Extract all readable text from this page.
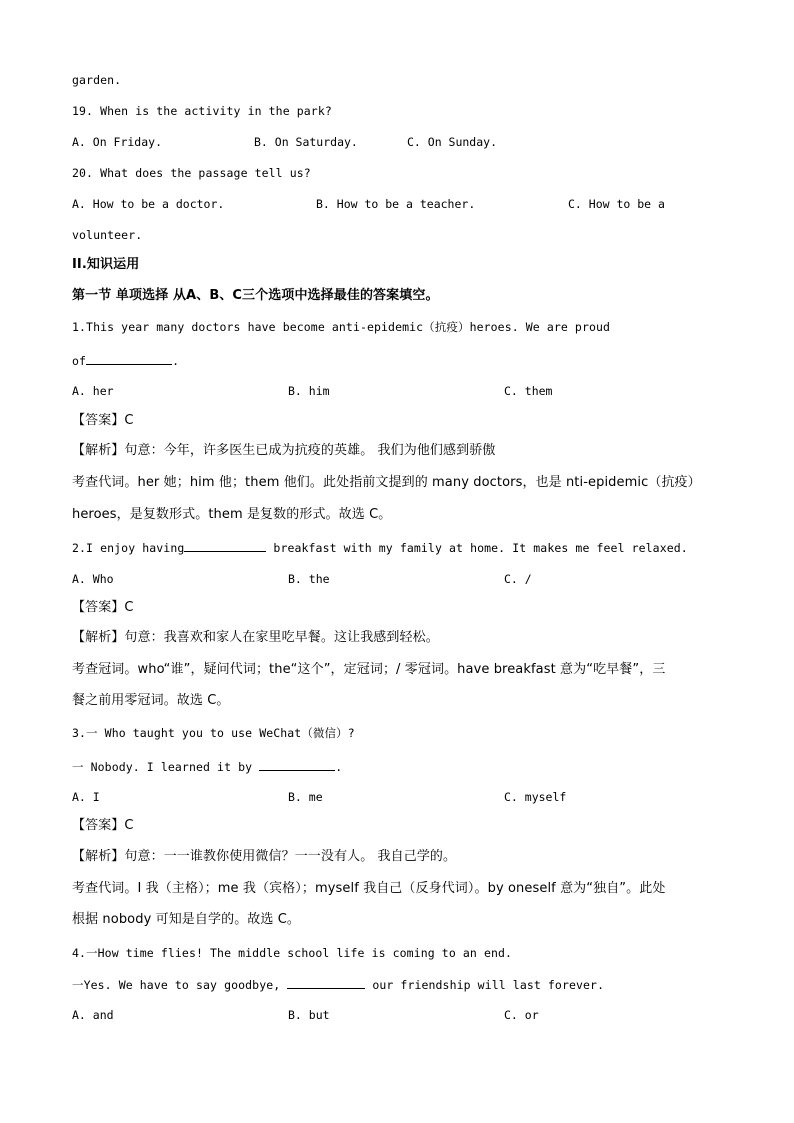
garden.
19. When is the activity in the park?
A. On Friday.	B. On Saturday.	C. On Sunday.
20. What does the passage tell us?
A. How to be a doctor.	B. How to be a teacher.	C. How to be a
volunteer.
II.知识运用
第一节 单项选择 从A、B、C三个选项中选择最佳的答案填空。
1.This year many doctors have become anti-epidemic（抗疫）heroes. We are proud
of	.
A. her	B. him	C. them
【答案】C
【解析】句意：今年，许多医生已成为抗疫的英雄。 我们为他们感到骄傲
考查代词。her 她；him 他；them 他们。此处指前文提到的 many doctors，也是 nti-epidemic（抗疫）
heroes，是复数形式。them 是复数的形式。故选 C。
2.I enjoy having	breakfast with my family at home. It makes me feel relaxed.
A. Who	B. the	C. /
【答案】C
【解析】句意：我喜欢和家人在家里吃早餐。这让我感到轻松。
考查冠词。who“谁”，疑问代词；the“这个”，定冠词；/ 零冠词。have breakfast 意为“吃早餐”，三
餐之前用零冠词。故选 C。
3.一 Who taught you to use WeChat（微信）?
一 Nobody. I learned it by	.
A. I	B. me	C. myself
【答案】C
【解析】句意：一一谁教你使用微信？一一没有人。 我自己学的。
考查代词。I 我（主格）；me 我（宾格）；myself 我自己（反身代词）。by oneself 意为“独自”。此处
根据 nobody 可知是自学的。故选 C。
4.一How time flies! The middle school life is coming to an end.
一Yes. We have to say goodbye,	our friendship will last forever.
A. and	B. but	C. or
